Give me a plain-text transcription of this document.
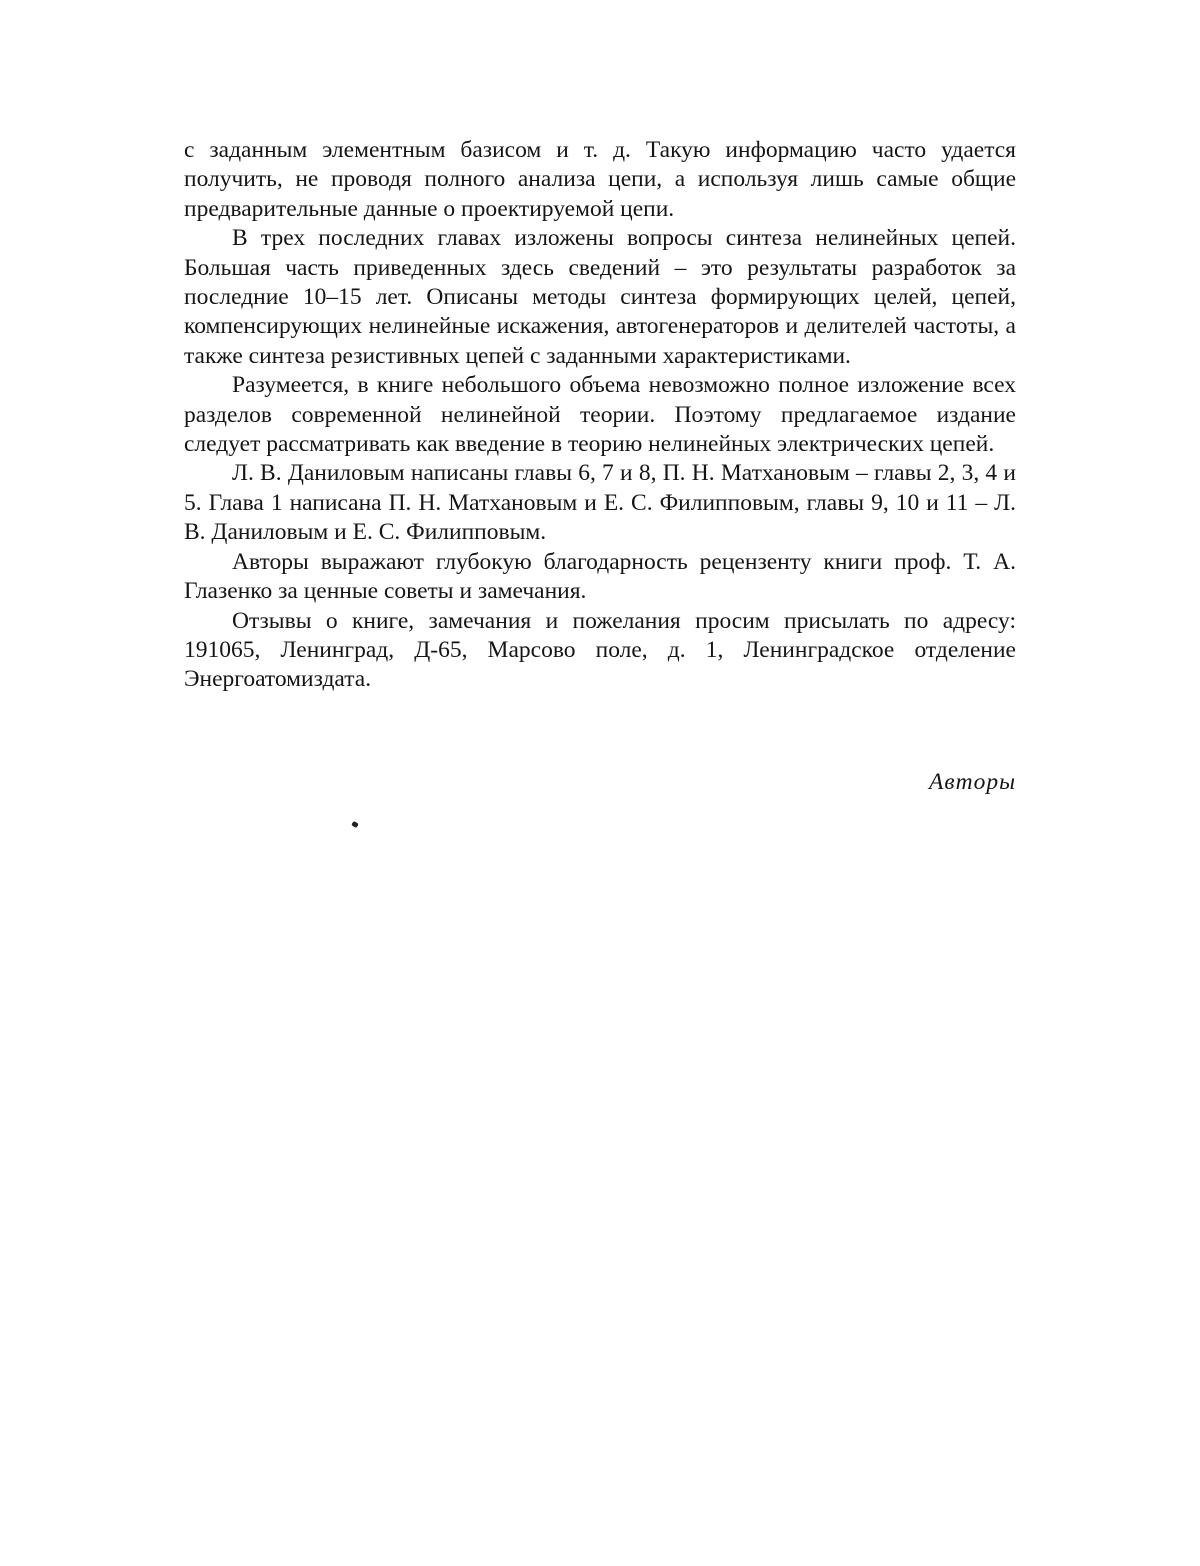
с заданным элементным базисом и т. д. Такую информацию часто удается получить, не проводя полного анализа цепи, а используя лишь самые общие предварительные данные о проектируемой цепи.

В трех последних главах изложены вопросы синтеза нелинейных цепей. Большая часть приведенных здесь сведений – это результаты разработок за последние 10–15 лет. Описаны методы синтеза формирующих целей, цепей, компенсирующих нелинейные искажения, автогенераторов и делителей частоты, а также синтеза резистивных цепей с заданными характеристиками.

Разумеется, в книге небольшого объема невозможно полное изложение всех разделов современной нелинейной теории. Поэтому предлагаемое издание следует рассматривать как введение в теорию нелинейных электрических цепей.

Л. В. Даниловым написаны главы 6, 7 и 8, П. Н. Матхановым – главы 2, 3, 4 и 5. Глава 1 написана П. Н. Матхановым и Е. С. Филипповым, главы 9, 10 и 11 – Л. В. Даниловым и Е. С. Филипповым.

Авторы выражают глубокую благодарность рецензенту книги проф. Т. А. Глазенко за ценные советы и замечания.

Отзывы о книге, замечания и пожелания просим присылать по адресу: 191065, Ленинград, Д-65, Марсово поле, д. 1, Ленинградское отделение Энергоатомиздата.

Авторы
